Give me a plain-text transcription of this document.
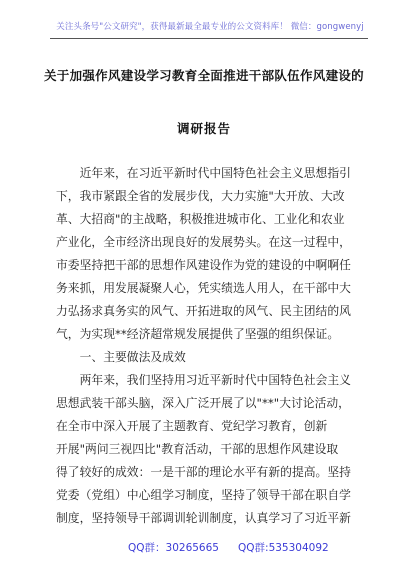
关注头条号"公文研究"，获得最新最全最专业的公文资料库！ 微信：gongwenyj
关于加强作风建设学习教育全面推进干部队伍作风建设的
调研报告
　　近年来，在习近平新时代中国特色社会主义思想指引
下，我市紧跟全省的发展步伐，大力实施"大开放、大改
革、大招商"的主战略，积极推进城市化、工业化和农业
产业化，全市经济出现良好的发展势头。在这一过程中，
市委坚持把干部的思想作风建设作为党的建设的中啊啊任
务来抓，用发展凝聚人心，凭实绩选人用人，在干部中大
力弘扬求真务实的风气、开拓进取的风气、民主团结的风
气，为实现**经济超常规发展提供了坚强的组织保证。
　　一、主要做法及成效
　　两年来，我们坚持用习近平新时代中国特色社会主义
思想武装干部头脑，深入广泛开展了以"**"大讨论活动，
在全市中深入开展了主题教育、党纪学习教育，创新
开展"两问三视四比"教育活动，干部的思想作风建设取
得了较好的成效：一是干部的理论水平有新的提高。坚持
党委（党组）中心组学习制度，坚持了领导干部在职自学
制度，坚持领导干部调训轮训制度，认真学习了习近平新
QQ群：30265665 QQ群:535304092
